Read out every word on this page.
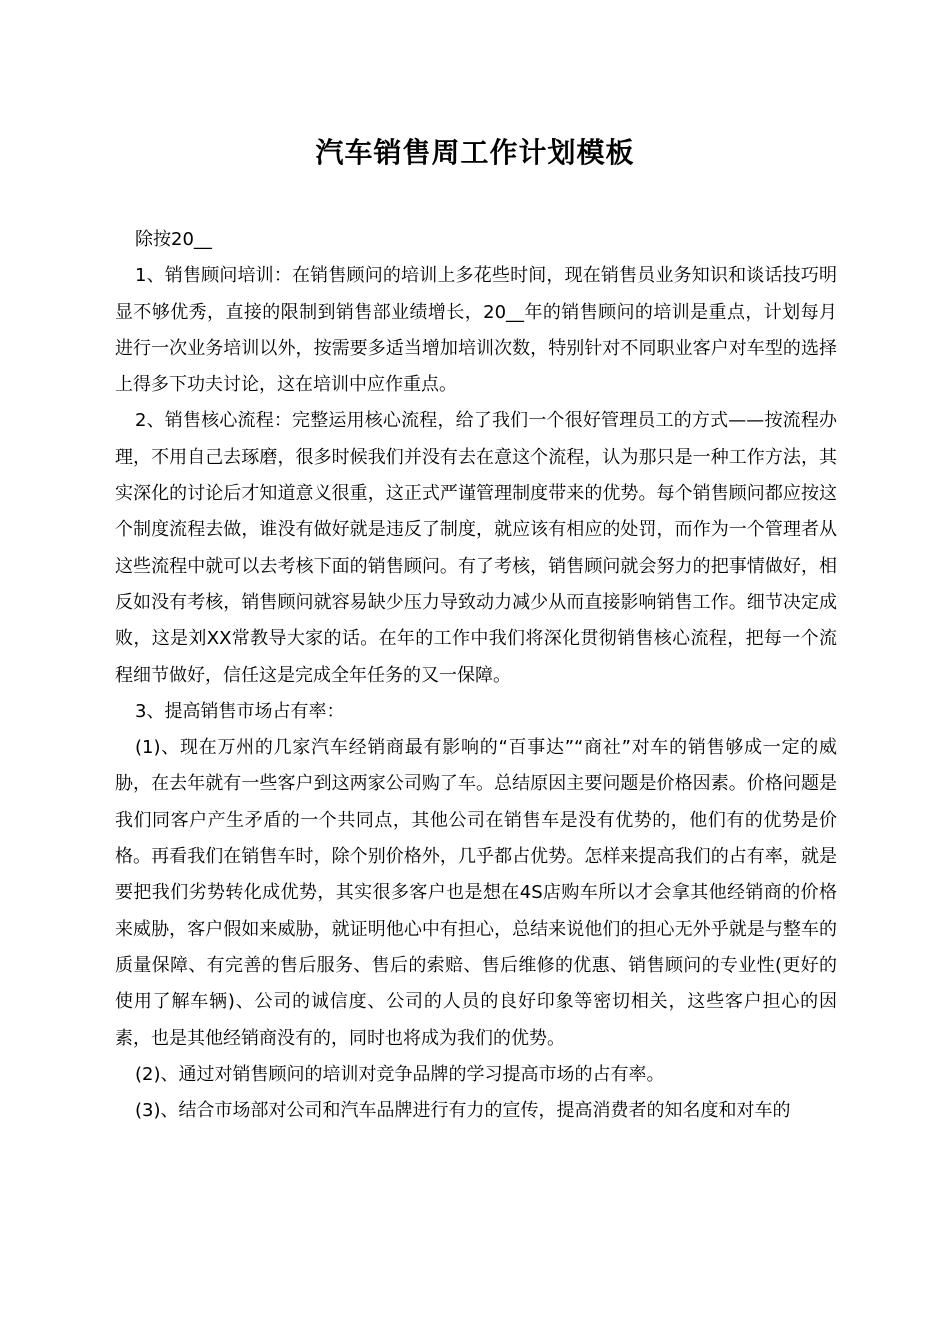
汽车销售周工作计划模板

除按20__

1、销售顾问培训：在销售顾问的培训上多花些时间，现在销售员业务知识和谈话技巧明显不够优秀，直接的限制到销售部业绩增长，20__年的销售顾问的培训是重点，计划每月进行一次业务培训以外，按需要多适当增加培训次数，特别针对不同职业客户对车型的选择上得多下功夫讨论，这在培训中应作重点。

2、销售核心流程：完整运用核心流程，给了我们一个很好管理员工的方式——按流程办理，不用自己去琢磨，很多时候我们并没有去在意这个流程，认为那只是一种工作方法，其实深化的讨论后才知道意义很重，这正式严谨管理制度带来的优势。每个销售顾问都应按这个制度流程去做，谁没有做好就是违反了制度，就应该有相应的处罚，而作为一个管理者从这些流程中就可以去考核下面的销售顾问。有了考核，销售顾问就会努力的把事情做好，相反如没有考核，销售顾问就容易缺少压力导致动力减少从而直接影响销售工作。细节决定成败，这是刘XX常教导大家的话。在年的工作中我们将深化贯彻销售核心流程，把每一个流程细节做好，信任这是完成全年任务的又一保障。

3、提高销售市场占有率：

(1)、现在万州的几家汽车经销商最有影响的“百事达”“商社”对车的销售够成一定的威胁，在去年就有一些客户到这两家公司购了车。总结原因主要问题是价格因素。价格问题是我们同客户产生矛盾的一个共同点，其他公司在销售车是没有优势的，他们有的优势是价格。再看我们在销售车时，除个别价格外，几乎都占优势。怎样来提高我们的占有率，就是要把我们劣势转化成优势，其实很多客户也是想在4S店购车所以才会拿其他经销商的价格来威胁，客户假如来威胁，就证明他心中有担心，总结来说他们的担心无外乎就是与整车的质量保障、有完善的售后服务、售后的索赔、售后维修的优惠、销售顾问的专业性(更好的使用了解车辆)、公司的诚信度、公司的人员的良好印象等密切相关，这些客户担心的因素，也是其他经销商没有的，同时也将成为我们的优势。

(2)、通过对销售顾问的培训对竞争品牌的学习提高市场的占有率。

(3)、结合市场部对公司和汽车品牌进行有力的宣传，提高消费者的知名度和对车的
